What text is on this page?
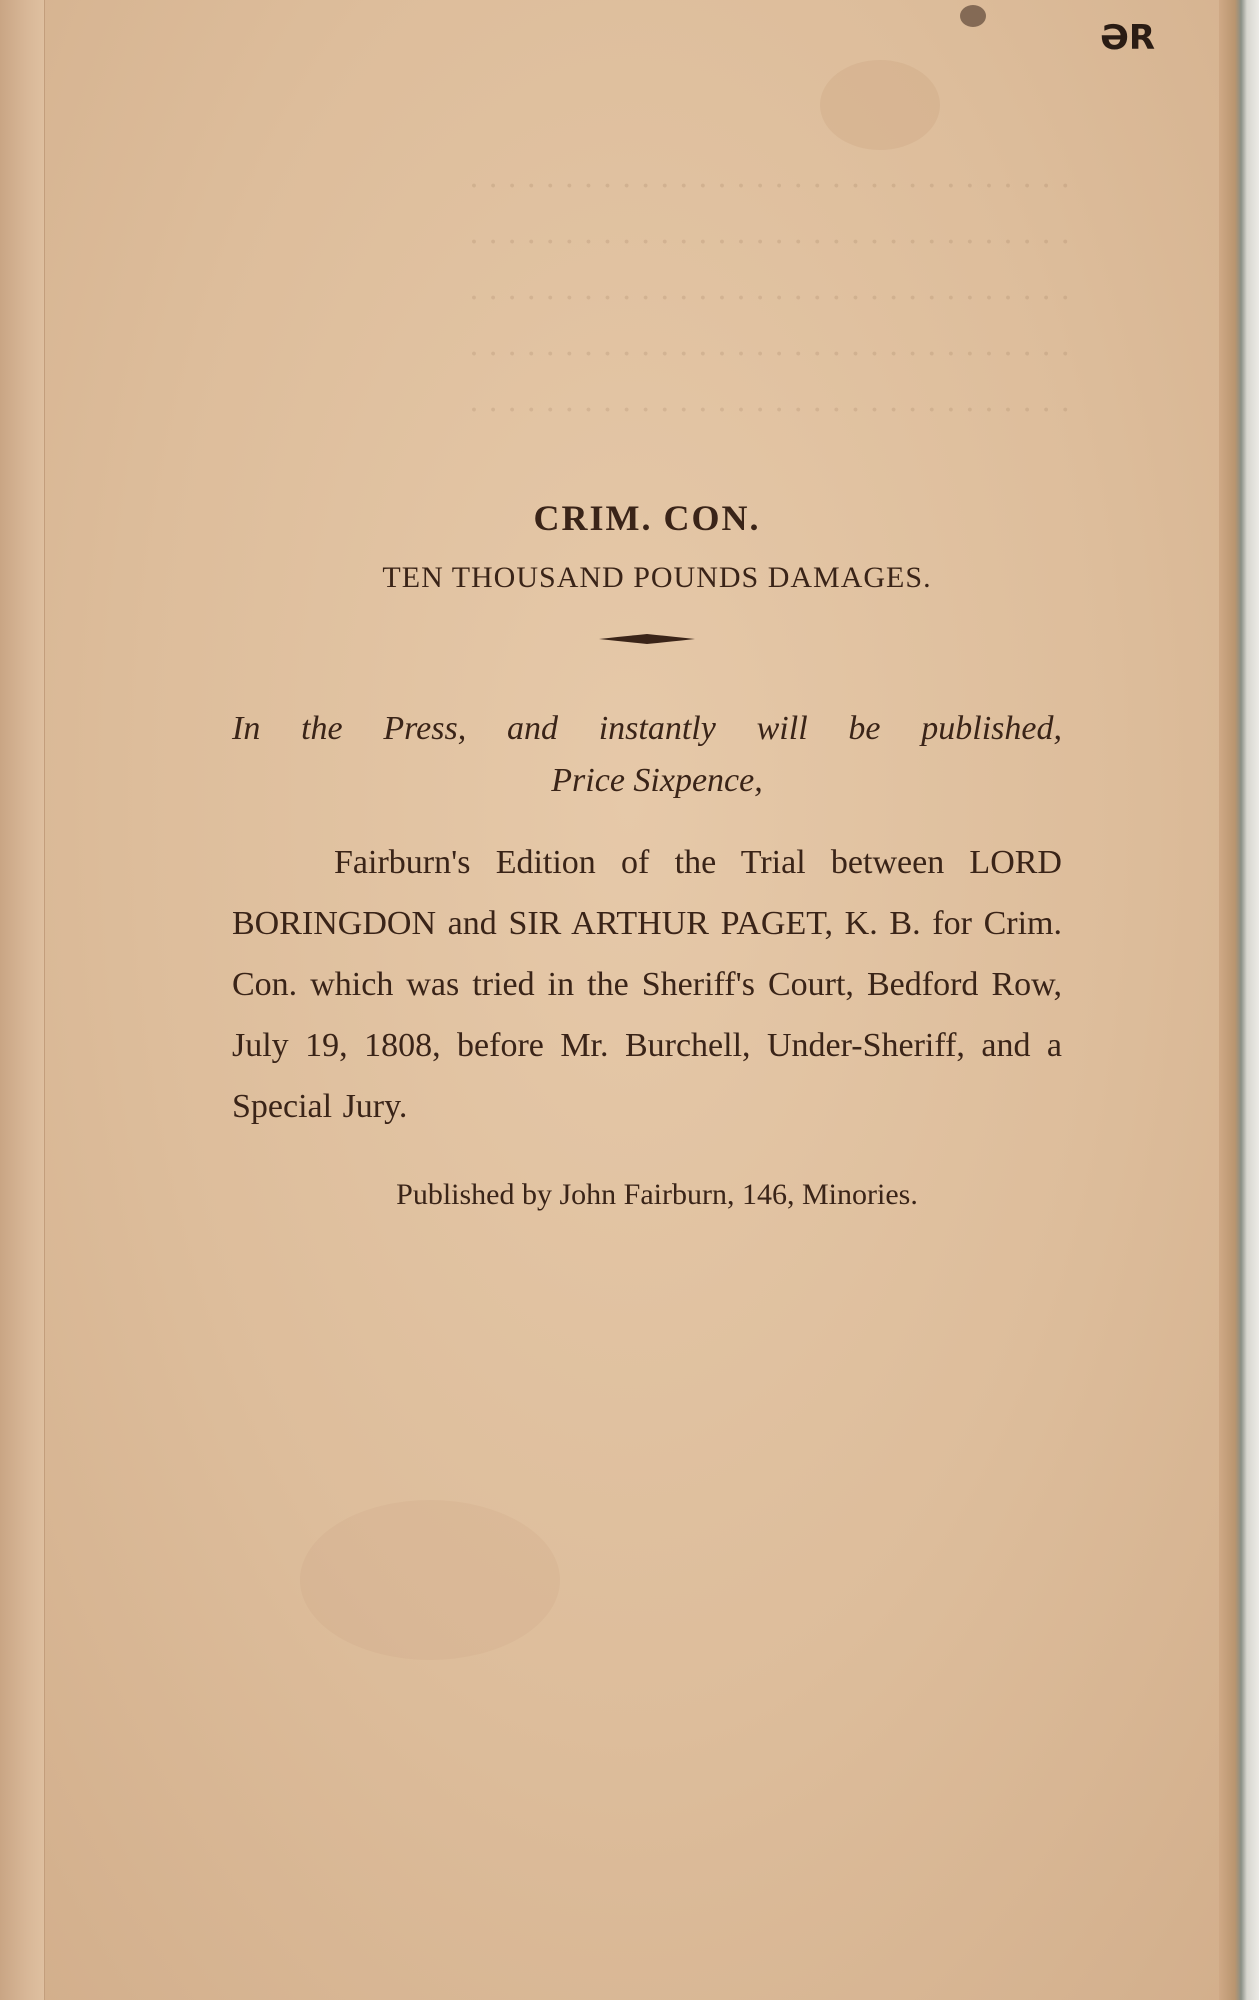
. . . . . . . . . . . . . . . . . . . . . . . . . . . . . . . .
. . . . . . . . . . . . . . . . . . . . . . . . . . . . . . . .
. . . . . . . . . . . . . . . . . . . . . . . . . . . . . . . .
. . . . . . . . . . . . . . . . . . . . . . . . . . . . . . . .
. . . . . . . . . . . . . . . . . . . . . . . . . . . . . . . .
ƏR
CRIM. CON.
TEN THOUSAND POUNDS DAMAGES.

In the Press, and instantly will be published,

Price Sixpence,

Fairburn's Edition of the Trial between LORD BORINGDON and SIR ARTHUR PAGET, K. B. for Crim. Con. which was tried in the Sheriff's Court, Bedford Row, July 19, 1808, before Mr. Burchell, Under-Sheriff, and a Special Jury.

Published by John Fairburn, 146, Minories.
